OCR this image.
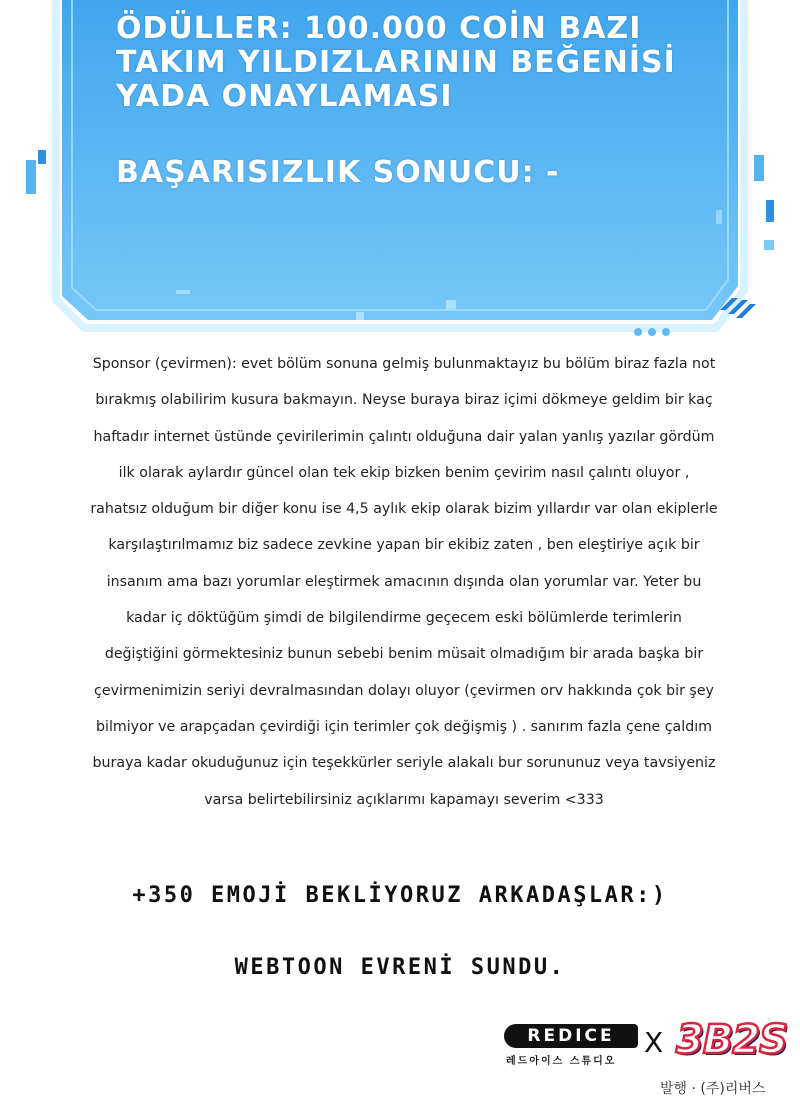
ÖDÜLLER: 100.000 COİN BAZI
TAKIM YILDIZLARININ BEĞENİSİ
YADA ONAYLAMASI
BAŞARISIZLIK SONUCU: -
Sponsor (çevirmen): evet bölüm sonuna gelmiş bulunmaktayız bu bölüm biraz fazla not
bırakmış olabilirim kusura bakmayın. Neyse buraya biraz içimi dökmeye geldim bir kaç
haftadır internet üstünde çevirilerimin çalıntı olduğuna dair yalan yanlış yazılar gördüm
ilk olarak aylardır güncel olan tek ekip bizken benim çevirim nasıl çalıntı oluyor ,
rahatsız olduğum bir diğer konu ise 4,5 aylık ekip olarak bizim yıllardır var olan ekiplerle
karşılaştırılmamız biz sadece zevkine yapan bir ekibiz zaten , ben eleştiriye açık bir
insanım ama bazı yorumlar eleştirmek amacının dışında olan yorumlar var. Yeter bu
kadar iç döktüğüm şimdi de bilgilendirme geçecem eski bölümlerde terimlerin
değiştiğini görmektesiniz bunun sebebi benim müsait olmadığım bir arada başka bir
çevirmenimizin seriyi devralmasından dolayı oluyor (çevirmen orv hakkında çok bir şey
bilmiyor ve arapçadan çevirdiği için terimler çok değişmiş ) . sanırım fazla çene çaldım
buraya kadar okuduğunuz için teşekkürler seriyle alakalı bur sorununuz veya tavsiyeniz
varsa belirtebilirsiniz açıklarımı kapamayı severim <333
+350 EMOJİ BEKLİYORUZ ARKADAŞLAR:)
WEBTOON EVRENİ SUNDU.
REDICE
레드아이스 스튜디오
X 3B2S
발행 · (주)리버스
